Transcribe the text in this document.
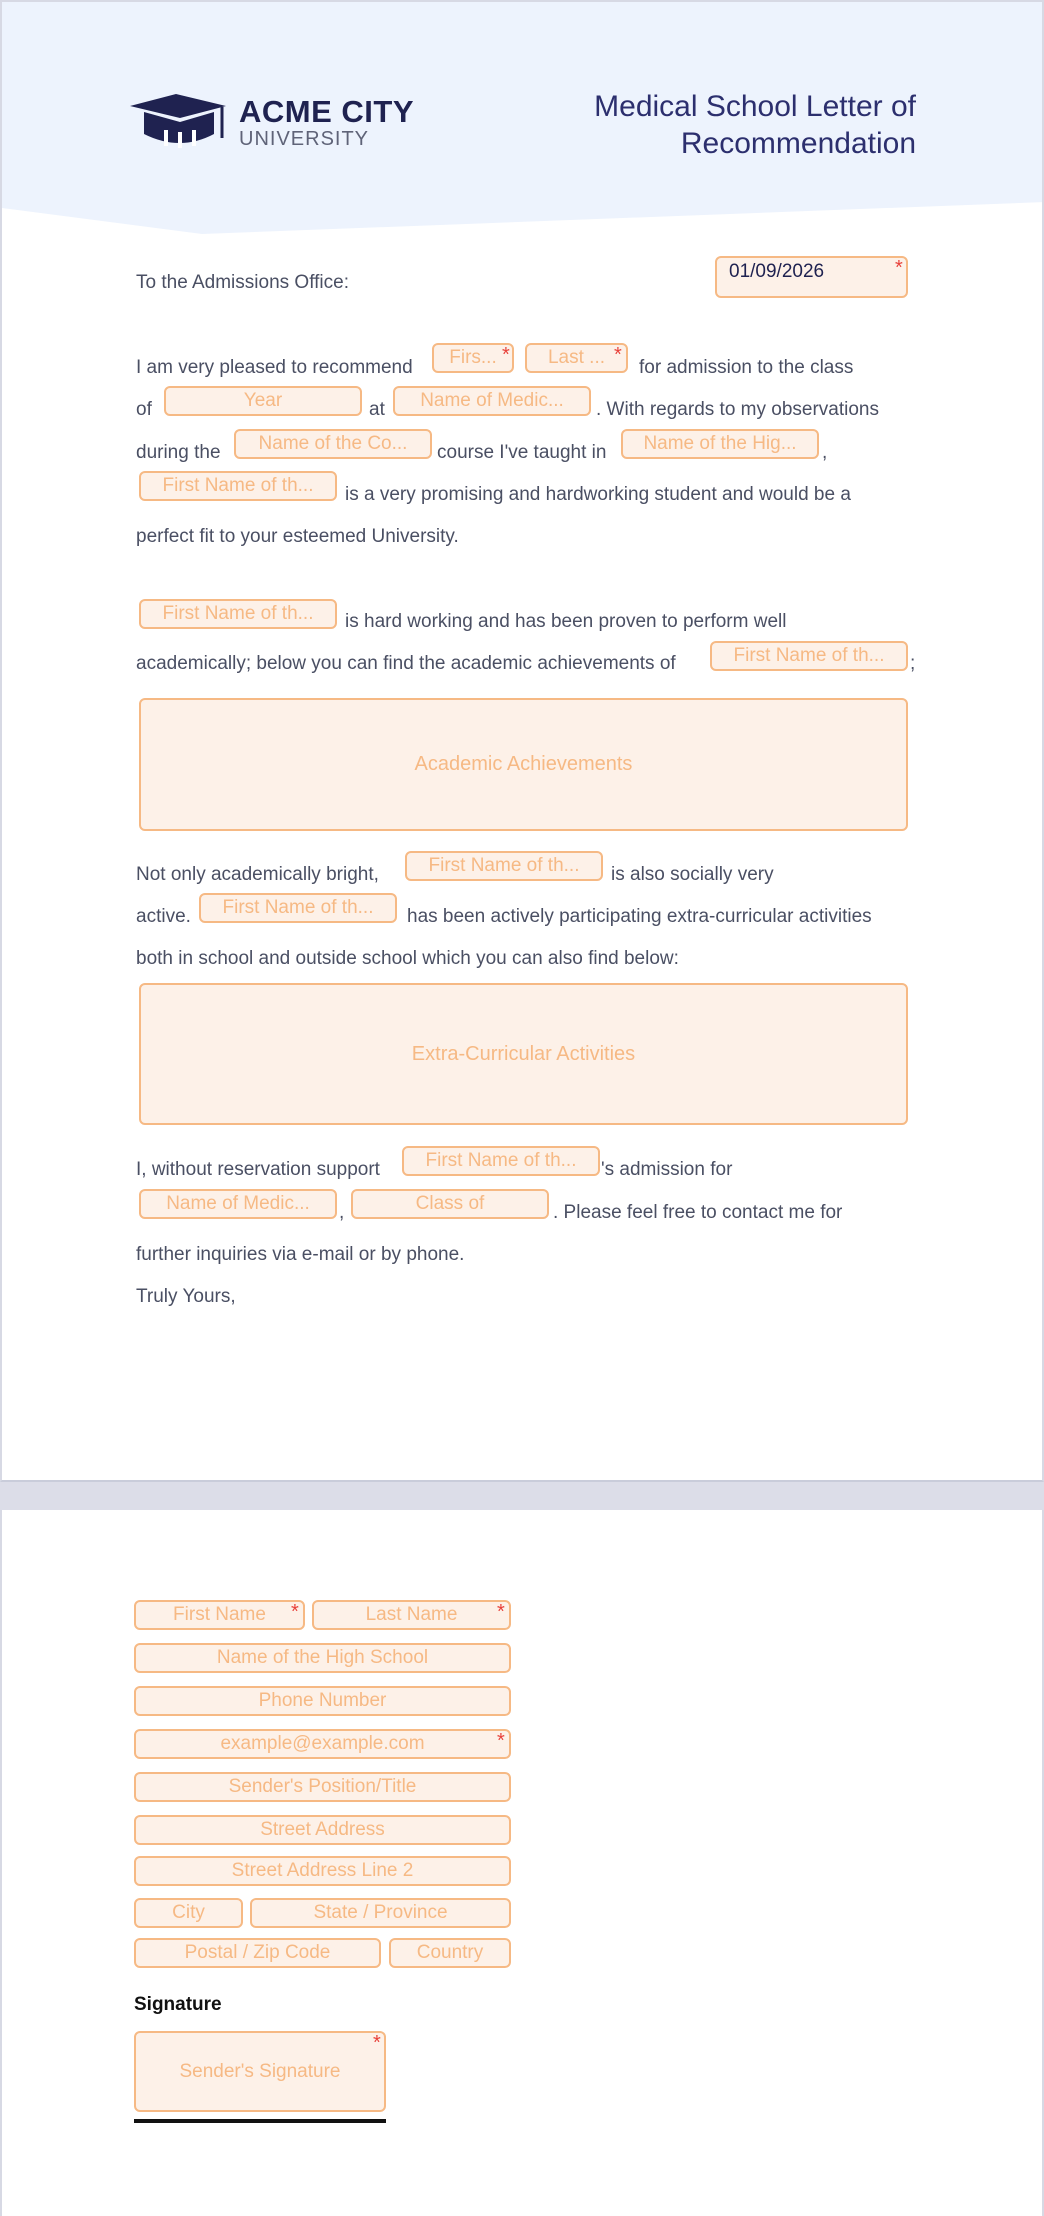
ACME CITY
UNIVERSITY
Medical School Letter of Recommendation
To the Admissions Office:
01/09/2026	*
I am very pleased to recommend	Firs... *	Last ... *
for admission to the class
of	Year	at	Name of Medic...	. With regards to my observations
during the	Name of the Co...	course I've taught in	Name of the Hig...	,
First Name of th...	is a very promising and hardworking student and would be a
perfect fit to your esteemed University.
First Name of th...	is hard working and has been proven to perform well
academically; below you can find the academic achievements of	First Name of th...	;
Academic Achievements
Not only academically bright,	First Name of th...	is also socially very
active.	First Name of th...	has been actively participating extra-curricular activities
both in school and outside school which you can also find below:
Extra-Curricular Activities
I, without reservation support	First Name of th...	's admission for
Name of Medic...	,	Class of	. Please feel free to contact me for
further inquiries via e-mail or by phone.
Truly Yours,
First Name	*	Last Name	*
Name of the High School
Phone Number
example@example.com	*
Sender's Position/Title
Street Address
Street Address Line 2
City	State / Province
Postal / Zip Code	Country
Signature
Sender's Signature
*
